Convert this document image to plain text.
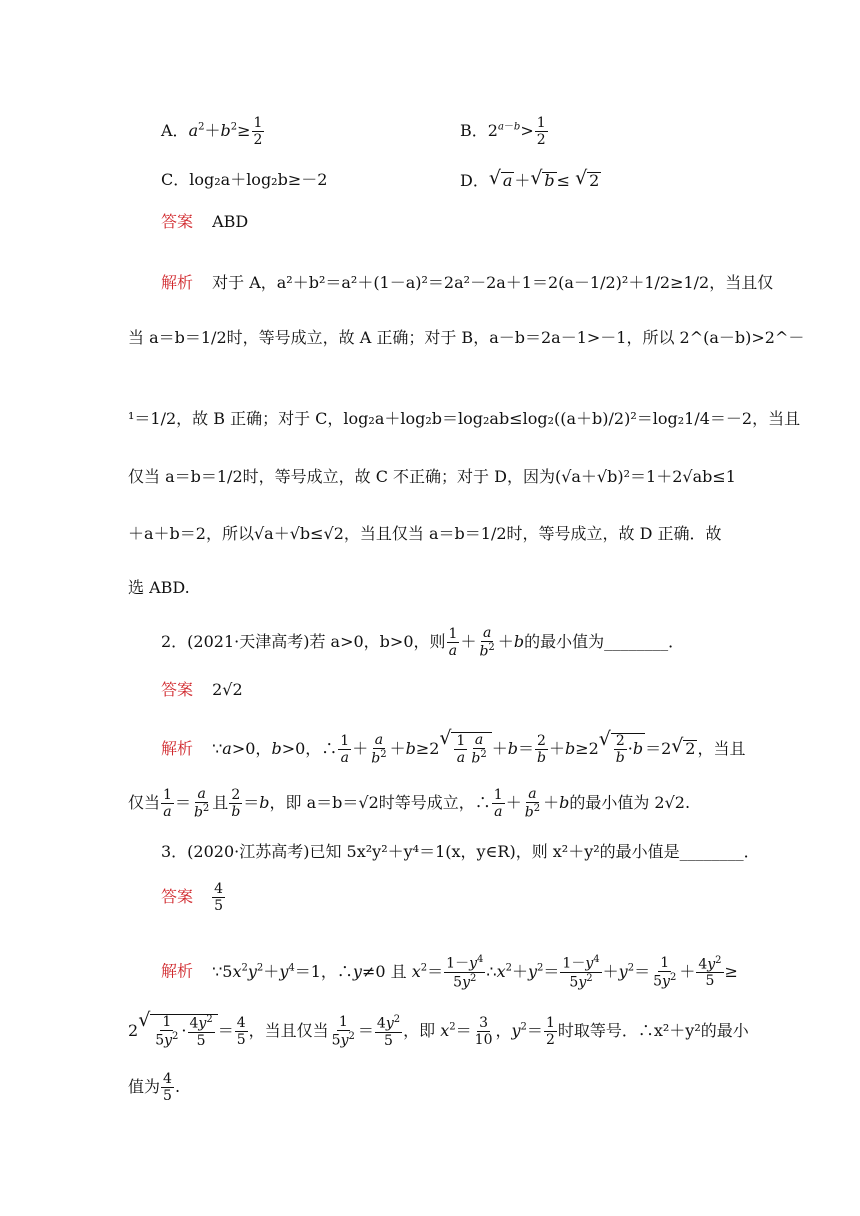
A．$a^2+b^2\ge \frac{1}{2}$	B．$2^{a-b}> \frac{1}{2}$
C．log₂a＋log₂b≥－2	D．√ a ＋√ b ≤ √ 2
答案 ABD
解析 对于 A，a²＋b²＝a²＋(1－a)²＝2a²－2a＋1＝2(a－1/2)²＋1/2≥1/2，当且仅
当 a＝b＝1/2时，等号成立，故 A 正确；对于 B，a－b＝2a－1>－1，所以 2^(a－b)>2^－
¹＝1/2，故 B 正确；对于 C，log₂a＋log₂b＝log₂ab≤log₂((a＋b)/2)²＝log₂1/4＝－2，当且
仅当 a＝b＝1/2时，等号成立，故 C 不正确；对于 D，因为(√a＋√b)²＝1＋2√ab≤1
＋a＋b＝2，所以√a＋√b≤√2，当且仅当 a＝b＝1/2时，等号成立，故 D 正确．故
选 ABD.
2．(2021·天津高考)若 a>0，b>0，则 $\frac{1}{a} + \frac{a}{b^2} +b$的最小值为________．
答案 2√2
解析 ∵a>0，b>0，∴ $\frac{1}{a} + \frac{a}{b^2} +b\ge 2$
√ $\frac{1}{a} \frac{a}{b^2} +b= \frac{2}{b} +b\ge 2$
√ $\frac{2}{b} \cdot b =2√$ 2 ，当且
仅当 $\frac{1}{a} = \frac{a}{b^2}$ 且 $\frac{2}{b} =b$，即 a＝b＝√2时等号成立，∴ $\frac{1}{a} + \frac{a}{b^2} +b$的最小值为 2√2.
3．(2020·江苏高考)已知 5x²y²＋y⁴＝1(x，y∈R)，则 x²＋y²的最小值是________．
答案 $\frac{4}{5}$
解析 $\because 5x^2y^2+y^4=1$，∴y≠0 且 $x^2= \frac{1-y^4}{5y^2}$ $\therefore x^2+y^2= \frac{1-y^4}{5y^2} +y^2= \frac{1}{5y^2} + \frac{4y^2}{5}$ ≥
2
√ $\frac{1}{5y^2} \cdot \frac{4y^2}{5} = \frac{4}{5}$ ，当且仅当 $\frac{1}{5y^2} = \frac{4y^2}{5}$ ，即 $x^2= \frac{3}{10}$ ，$y^2= \frac{1}{2}$ 时取等号．∴x²＋y²的最小
值为 $\frac{4}{5}$ .
